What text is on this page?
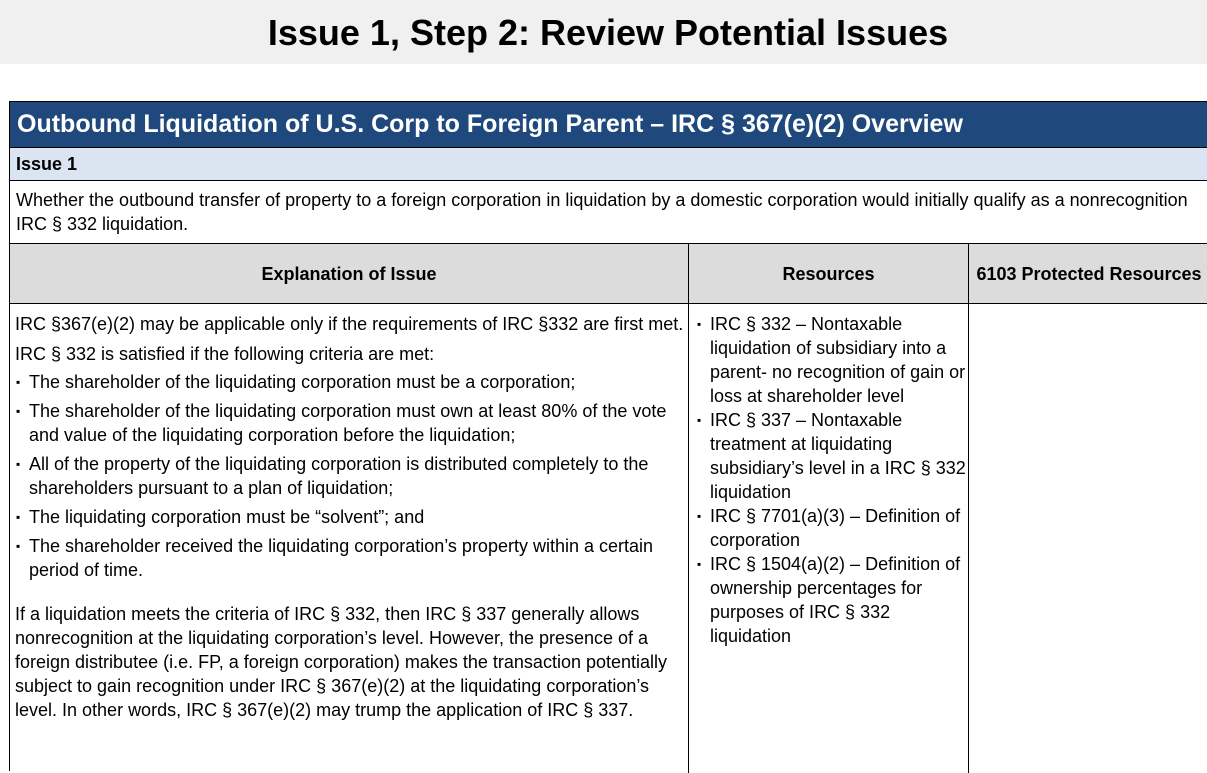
Issue 1, Step 2: Review Potential Issues
Outbound Liquidation of U.S. Corp to Foreign Parent – IRC § 367(e)(2) Overview
Issue 1
Whether the outbound transfer of property to a foreign corporation in liquidation by a domestic corporation would initially qualify as a nonrecognition IRC § 332 liquidation.
Explanation of Issue	Resources	6103 Protected Resources

IRC §367(e)(2) may be applicable only if the requirements of IRC §332 are first met.

IRC § 332 is satisfied if the following criteria are met:

▪ The shareholder of the liquidating corporation must be a corporation;
▪ The shareholder of the liquidating corporation must own at least 80% of the vote and value of the liquidating corporation before the liquidation;
▪ All of the property of the liquidating corporation is distributed completely to the shareholders pursuant to a plan of liquidation;
▪ The liquidating corporation must be “solvent”; and
▪ The shareholder received the liquidating corporation’s property within a certain period of time.

If a liquidation meets the criteria of IRC § 332, then IRC § 337 generally allows nonrecognition at the liquidating corporation’s level. However, the presence of a foreign distributee (i.e. FP, a foreign corporation) makes the transaction potentially subject to gain recognition under IRC § 367(e)(2) at the liquidating corporation’s level. In other words, IRC § 367(e)(2) may trump the application of IRC § 337.

▪ IRC § 332 – Nontaxable liquidation of subsidiary into a parent- no recognition of gain or loss at shareholder level
▪ IRC § 337 – Nontaxable treatment at liquidating subsidiary’s level in a IRC § 332 liquidation
▪ IRC § 7701(a)(3) – Definition of corporation
▪ IRC § 1504(a)(2) – Definition of ownership percentages for purposes of IRC § 332 liquidation
